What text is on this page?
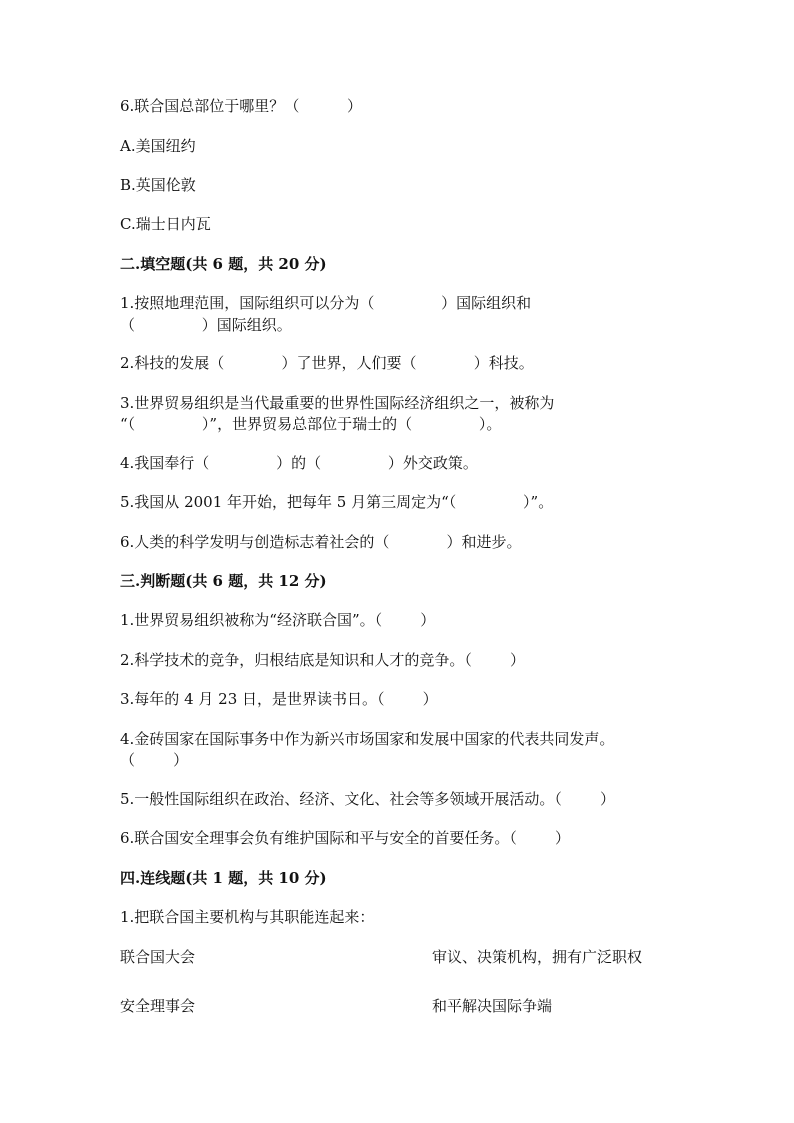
6.联合国总部位于哪里？（          ）
A.美国纽约
B.英国伦敦
C.瑞士日内瓦
二.填空题(共 6 题，共 20 分)
1.按照地理范围，国际组织可以分为（              ）国际组织和
（              ）国际组织。
2.科技的发展（            ）了世界，人们要（            ）科技。
3.世界贸易组织是当代最重要的世界性国际经济组织之一，被称为
“（              ）”，世界贸易总部位于瑞士的（              ）。
4.我国奉行（              ）的（              ）外交政策。
5.我国从 2001 年开始，把每年 5 月第三周定为“（              ）”。
6.人类的科学发明与创造标志着社会的（            ）和进步。
三.判断题(共 6 题，共 12 分)
1.世界贸易组织被称为“经济联合国”。（        ）
2.科学技术的竞争，归根结底是知识和人才的竞争。（        ）
3.每年的 4 月 23 日，是世界读书日。（        ）
4.金砖国家在国际事务中作为新兴市场国家和发展中国家的代表共同发声。
（        ）
5.一般性国际组织在政治、经济、文化、社会等多领域开展活动。（        ）
6.联合国安全理事会负有维护国际和平与安全的首要任务。（        ）
四.连线题(共 1 题，共 10 分)
1.把联合国主要机构与其职能连起来：
联合国大会	审议、决策机构，拥有广泛职权
安全理事会	和平解决国际争端
